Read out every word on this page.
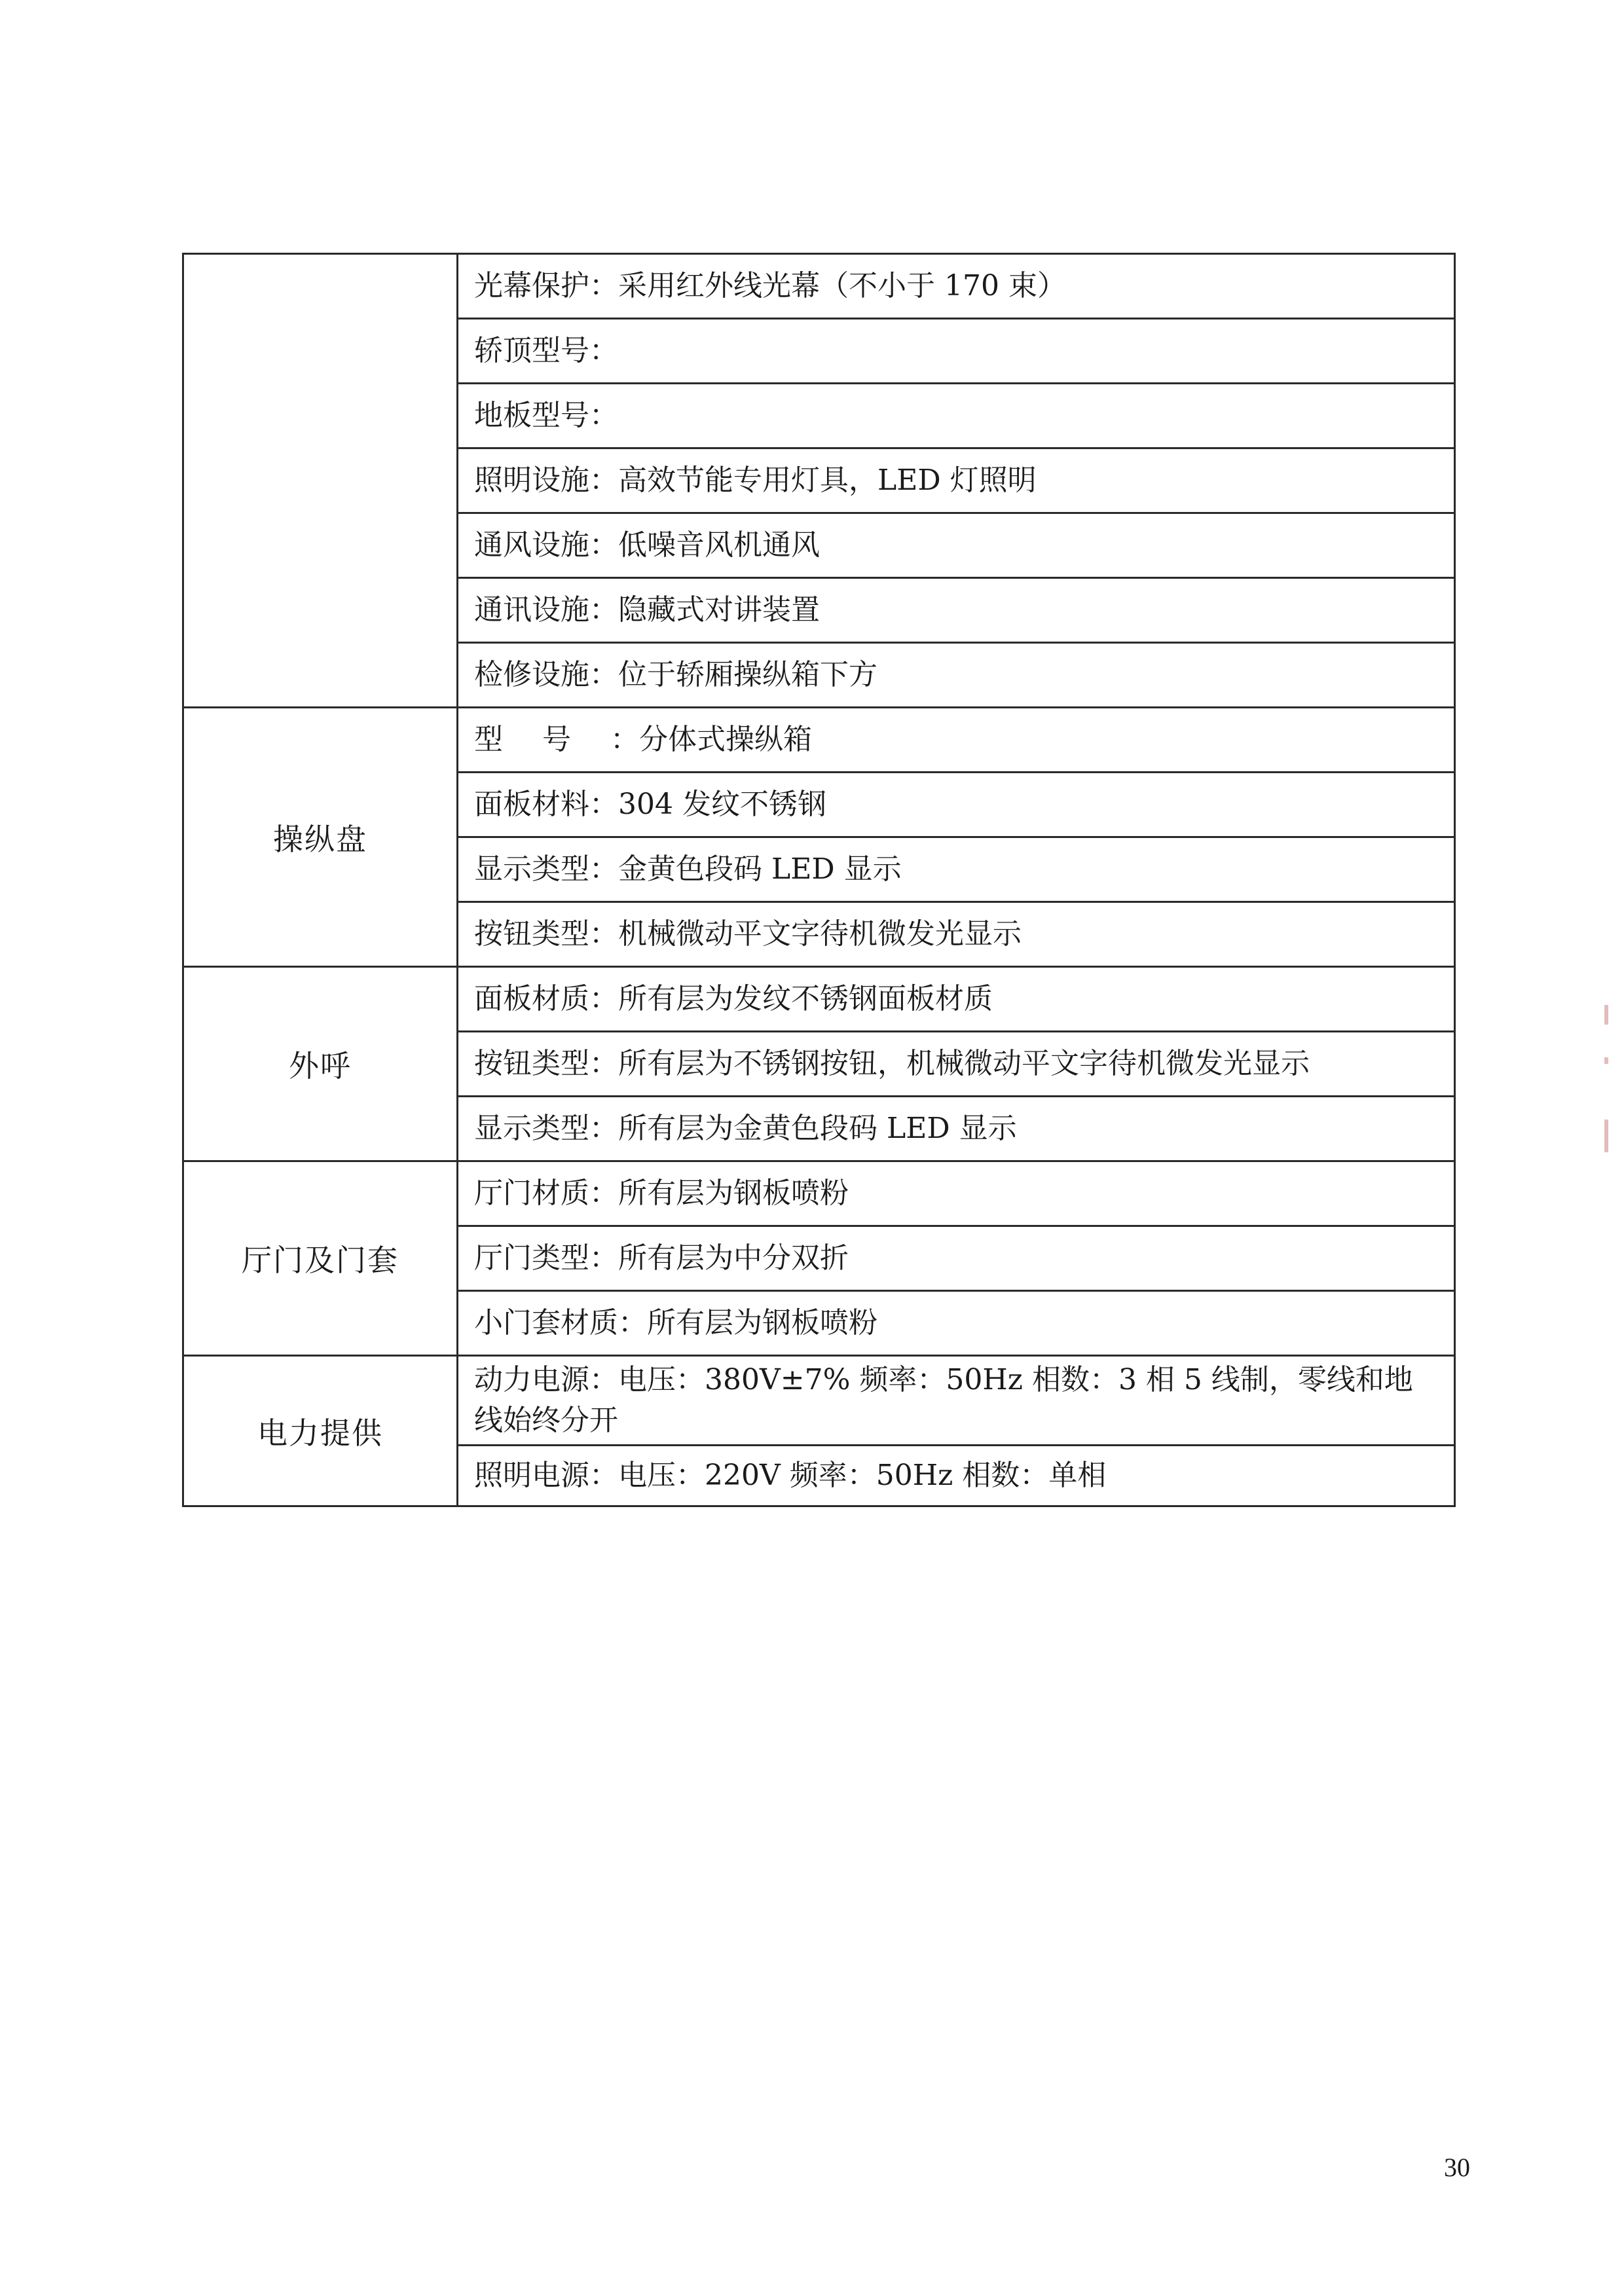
	光幕保护：采用红外线光幕（不小于 170 束）
	轿顶型号：
	地板型号：
	照明设施：高效节能专用灯具，LED 灯照明
	通风设施：低噪音风机通风
	通讯设施：隐藏式对讲装置
	检修设施：位于轿厢操纵箱下方
操纵盘	型号：分体式操纵箱
	面板材料：304 发纹不锈钢
	显示类型：金黄色段码 LED 显示
	按钮类型：机械微动平文字待机微发光显示
外呼	面板材质：所有层为发纹不锈钢面板材质
	按钮类型：所有层为不锈钢按钮，机械微动平文字待机微发光显示
	显示类型：所有层为金黄色段码 LED 显示
厅门及门套	厅门材质：所有层为钢板喷粉
	厅门类型：所有层为中分双折
	小门套材质：所有层为钢板喷粉
电力提供	动力电源：电压：380V±7% 频率：50Hz 相数：3 相 5 线制，零线和地线始终分开
	照明电源：电压：220V 频率：50Hz 相数：单相
30
